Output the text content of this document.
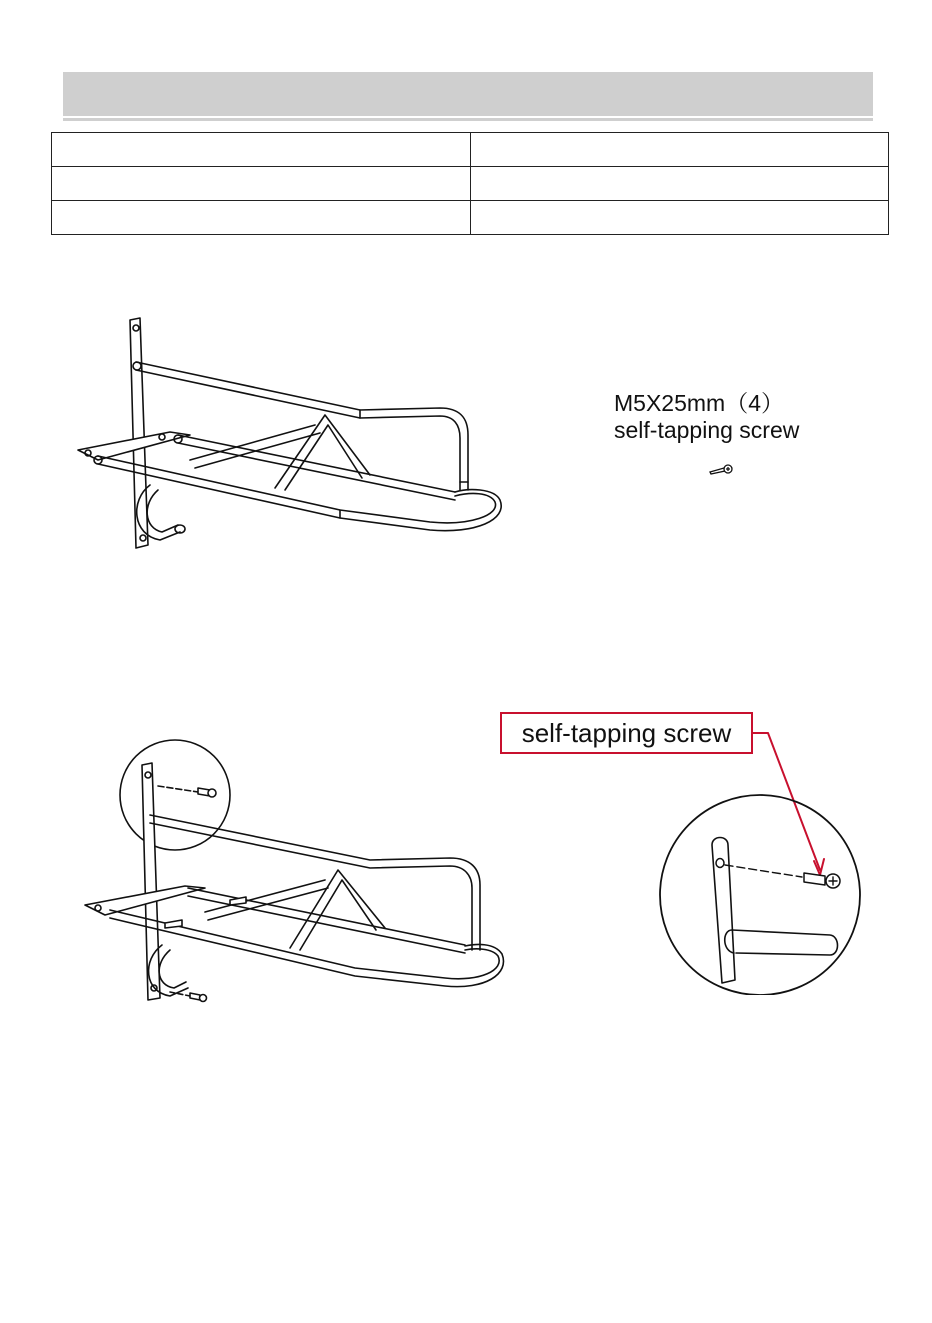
M5X25mm（4）
self-tapping screw
self-tapping screw
